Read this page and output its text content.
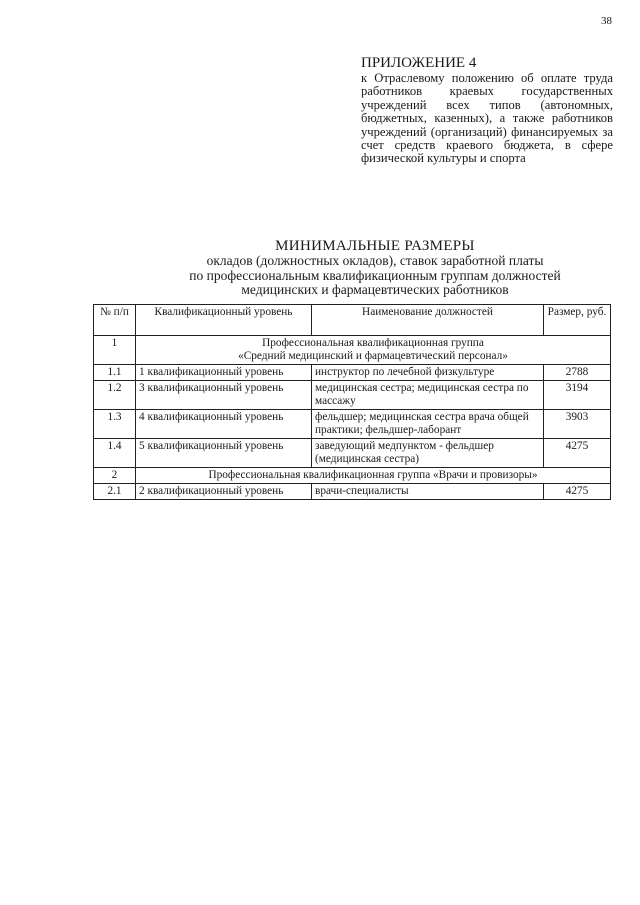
38
ПРИЛОЖЕНИЕ 4
к Отраслевому положению об оплате труда работников краевых государственных учреждений всех типов (автономных, бюджетных, казенных), а также работников учреждений (организаций) финансируемых за счет средств краевого бюджета, в сфере физической культуры и спорта
МИНИМАЛЬНЫЕ РАЗМЕРЫ
окладов (должностных окладов), ставок заработной платы
по профессиональным квалификационным группам должностей
медицинских и фармацевтических работников
№ п/п	Квалификационный уровень	Наименование должностей	Размер, руб.
1	Профессиональная квалификационная группа
«Средний медицинский и фармацевтический персонал»		

1.1	1 квалификационный уровень	инструктор по лечебной физкультуре	2788
1.2	3 квалификационный уровень	медицинская сестра; медицинская сестра по массажу	3194
1.3	4 квалификационный уровень	фельдшер; медицинская сестра врача общей практики; фельдшер-лаборант	3903
1.4	5 квалификационный уровень	заведующий медпунктом - фельдшер (медицинская сестра)	4275
2	Профессиональная квалификационная группа «Врачи и провизоры»		
2.1	2 квалификационный уровень	врачи-специалисты	4275
